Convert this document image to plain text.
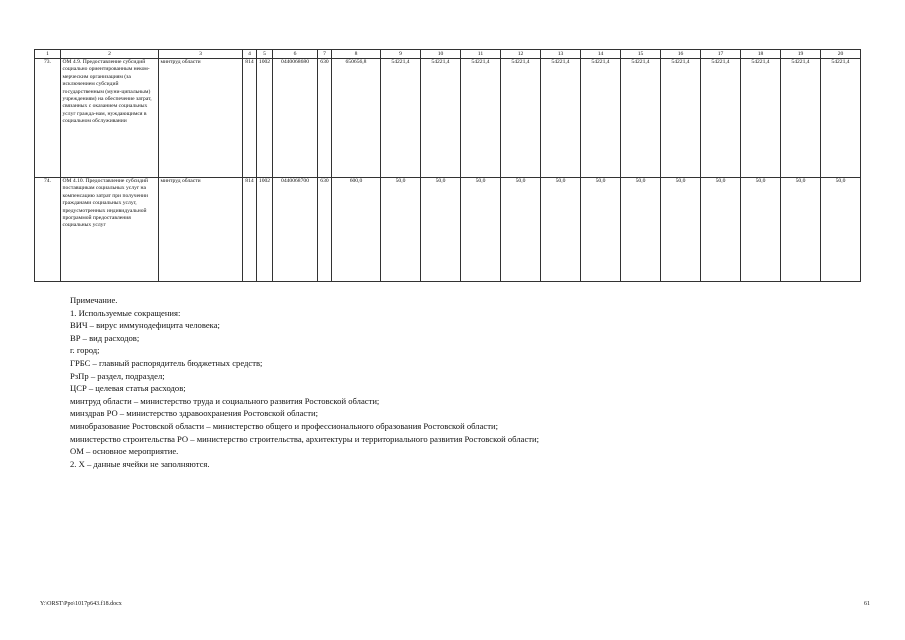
1	2	3	4	5	6	7	8	9	10	11	12	13	14	15	16	17	18	19	20
73.	ОМ 4.9. Предоставление субсидий социально ориентированным неком-мерческим организациям (за исключением субсидий государственным (муни-ципальным) учреждениям) на обеспечение затрат, связанных с оказанием социальных услуг гражда-нам, нуждающимся в социальном обслуживании	минтруд области	814	1002	0440068680	630	650656,8	54221,4	54221,4	54221,4	54221,4	54221,4	54221,4	54221,4	54221,4	54221,4	54221,4	54221,4	54221,4
74.	ОМ 4.10. Предоставление субсидий поставщикам социальных услуг на компенсацию затрат при получении гражданами социальных услуг, предусмотренных индивидуальной программой предоставления социальных услуг	минтруд области	814	1002	0440068700	630	600,0	50,0	50,0	50,0	50,0	50,0	50,0	50,0	50,0	50,0	50,0	50,0	50,0
Примечание.
1. Используемые сокращения:
ВИЧ – вирус иммунодефицита человека;
ВР – вид расходов;
г. город;
ГРБС – главный распорядитель бюджетных средств;
РзПр – раздел, подраздел;
ЦСР – целевая статья расходов;
минтруд области – министерство труда и социального развития Ростовской области;
минздрав РО – министерство здравоохранения Ростовской области;
минобразование Ростовской области – министерство общего и профессионального образования Ростовской области;
министерство строительства РО – министерство строительства, архитектуры и территориального развития Ростовской области;
ОМ – основное мероприятие.
2. Х – данные ячейки не заполняются.
Y:\ORST\Ppo\1017p643.f18.docx	61
